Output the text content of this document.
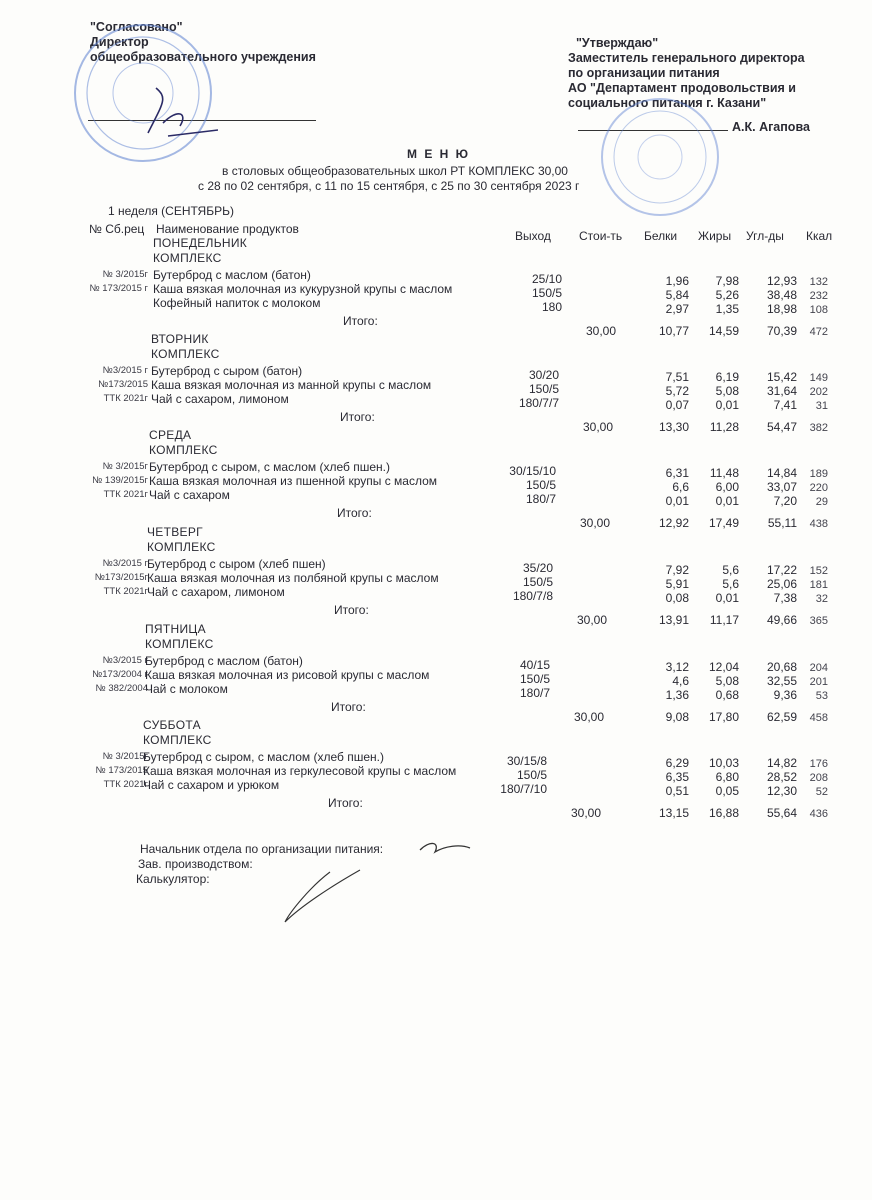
"Согласовано"
Директор
общеобразовательного учреждения
"Утверждаю"
Заместитель генерального директора
по организации питания
АО "Департамент продовольствия и
социального питания г. Казани"
А.К. Агапова
М Е Н Ю
в столовых общеобразовательных школ РТ КОМПЛЕКС 30,00
с 28 по 02 сентября, с 11 по 15 сентября, с 25 по 30 сентября 2023 г
1 неделя (СЕНТЯБРЬ)
№ Сб.рец Наименование продуктов	Выход Стои-ть Белки Жиры Угл-ды Ккал
ПОНЕДЕЛЬНИК
КОМПЛЕКС
№ 3/2015г Бутерброд с маслом (батон)	25/10	1,96	7,98	12,93	132
№ 173/2015 г Каша вязкая молочная из кукурузной крупы с маслом	150/5	5,84	5,26	38,48	232
Кофейный напиток с молоком	180	2,97	1,35	18,98	108
Итого:
30,00	10,77	14,59	70,39	472
ВТОРНИК
КОМПЛЕКС
№3/2015 г Бутерброд с сыром (батон)	30/20	7,51	6,19	15,42	149
№173/2015 Каша вязкая молочная из манной крупы с маслом	150/5	5,72	5,08	31,64	202
ТТК 2021г Чай с сахаром, лимоном	180/7/7	0,07	0,01	7,41	31
Итого:
30,00	13,30	11,28	54,47	382
СРЕДА
КОМПЛЕКС
№ 3/2015г Бутерброд с сыром, с маслом (хлеб пшен.)	30/15/10	6,31	11,48	14,84	189
№ 139/2015г Каша вязкая молочная из пшенной крупы с маслом	150/5	6,6	6,00	33,07	220
ТТК 2021г Чай с сахаром	180/7	0,01	0,01	7,20	29
Итого:
30,00	12,92	17,49	55,11	438
ЧЕТВЕРГ
КОМПЛЕКС
№3/2015 г Бутерброд с сыром (хлеб пшен)	35/20	7,92	5,6	17,22	152
№173/2015г Каша вязкая молочная из полбяной крупы с маслом	150/5	5,91	5,6	25,06	181
ТТК 2021г Чай с сахаром, лимоном	180/7/8	0,08	0,01	7,38	32
Итого:
30,00	13,91	11,17	49,66	365
ПЯТНИЦА
КОМПЛЕКС
№3/2015 г
Бутерброд с маслом (батон)	40/15	3,12	12,04	20,68	204
№173/2004 г
Каша вязкая молочная из рисовой крупы с маслом	150/5	4,6	5,08	32,55	201
№ 382/2004
Чай с молоком	180/7	1,36	0,68	9,36	53
Итого:
30,00	9,08	17,80	62,59	458
СУББОТА
КОМПЛЕКС
№ 3/2015г
Бутерброд с сыром, с маслом (хлеб пшен.)	30/15/8	6,29	10,03	14,82	176
№ 173/2015
Каша вязкая молочная из геркулесовой крупы с маслом	150/5	6,35	6,80	28,52	208
ТТК 2021г
Чай с сахаром и урюком	180/7/10	0,51	0,05	12,30	52
Итого:
30,00	13,15	16,88	55,64	436
Начальник отдела по организации питания:
Зав. производством:
Калькулятор:
